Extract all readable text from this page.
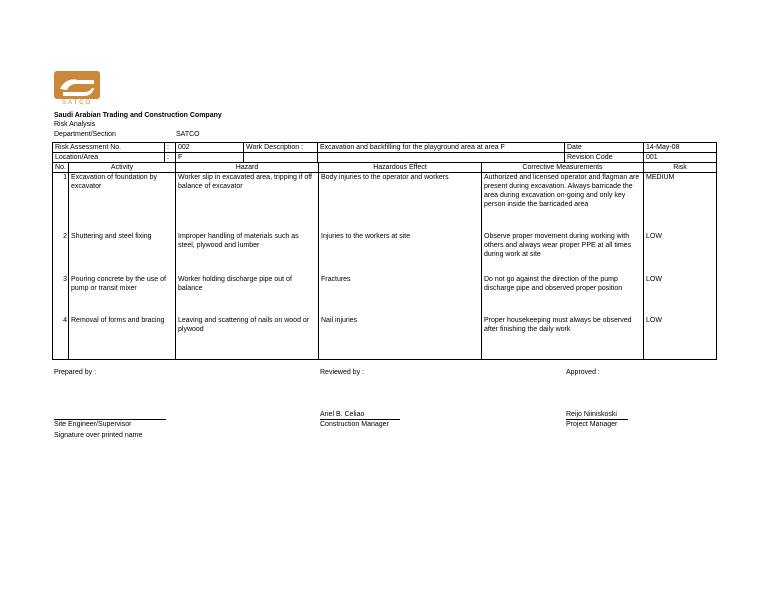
SATCO
Saudi Arabian Trading and Construction Company
Risk Analysis
Department/Section	SATCO
Risk Assessment No.	:	002	Work Description :	Excavation and backfilling for the playground area at area F	Date	14-May-08
Location/Area	:	F			Revision Code	001
No.	Activity	Hazard	Hazardous Effect	Corrective Measurements	Risk
1	Excavation of foundation by excavator	Worker slip in excavated area, tripping if off balance of excavator	Body injuries to the operator and workers	Authorized and licensed operator and flagman are present during excavation. Always barricade the area during excavation on-going and only key person inside the barricaded area	MEDIUM
2	Shuttering and steel fixing	Improper handling of materials such as steel, plywood and lumber	Injuries to the workers at site	Observe proper movement during working with others and always wear proper PPE at all times during work at site	LOW
3	Pouring concrete by the use of pump or transit mixer	Worker holding discharge pipe out of balance	Fractures	Do not go against the direction of the pump discharge pipe and observed proper position	LOW
4	Removal of forms and bracing	Leaving and scattering of nails on wood or plywood	Nail injuries	Proper housekeeping must always be observed after finishing the daily work	LOW
Prepared by :	Reviewed by :	Approved :
Ariel B. Celiao	Reijo Niiniskoski
Site Engineer/Supervisor	Construction Manager	Project Manager
Signature over printed name
